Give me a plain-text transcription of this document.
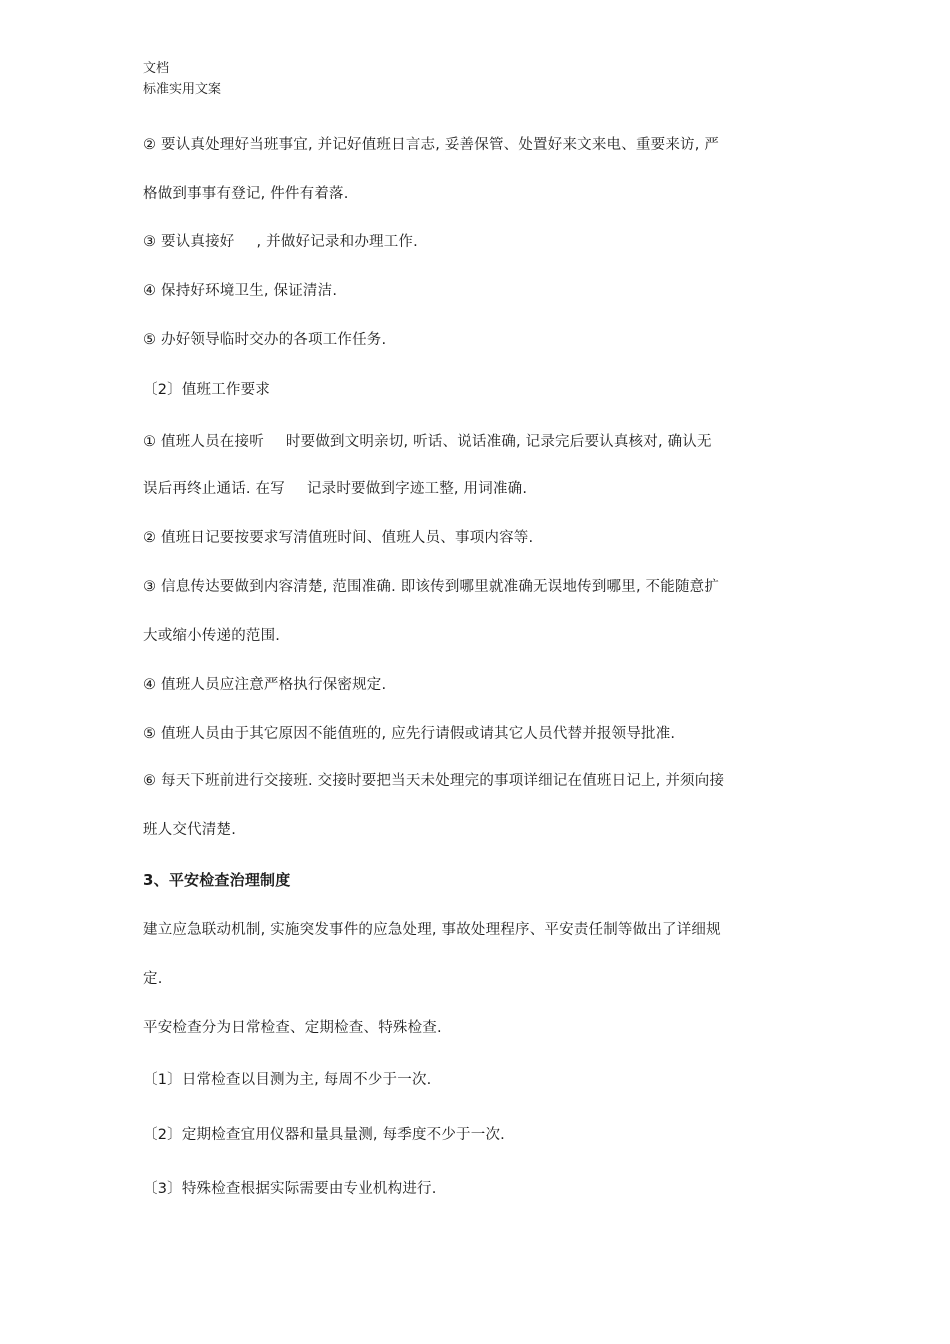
文档
标准实用文案
② 要认真处理好当班事宜, 并记好值班日言志, 妥善保管、处置好来文来电、重要来访, 严
格做到事事有登记, 件件有着落.
③ 要认真接好 , 并做好记录和办理工作.
④ 保持好环境卫生, 保证清洁.
⑤ 办好领导临时交办的各项工作任务.
〔2〕值班工作要求
① 值班人员在接听 时要做到文明亲切, 听话、说话准确, 记录完后要认真核对, 确认无
误后再终止通话. 在写 记录时要做到字迹工整, 用词准确.
② 值班日记要按要求写清值班时间、值班人员、事项内容等.
③ 信息传达要做到内容清楚, 范围准确. 即该传到哪里就准确无误地传到哪里, 不能随意扩
大或缩小传递的范围.
④ 值班人员应注意严格执行保密规定.
⑤ 值班人员由于其它原因不能值班的, 应先行请假或请其它人员代替并报领导批准.
⑥ 每天下班前进行交接班. 交接时要把当天未处理完的事项详细记在值班日记上, 并须向接
班人交代清楚.
3、平安检查治理制度
建立应急联动机制, 实施突发事件的应急处理, 事故处理程序、平安责任制等做出了详细规
定.
平安检查分为日常检查、定期检查、特殊检查.
〔1〕日常检查以目测为主, 每周不少于一次.
〔2〕定期检查宜用仪器和量具量测, 每季度不少于一次.
〔3〕特殊检查根据实际需要由专业机构进行.
